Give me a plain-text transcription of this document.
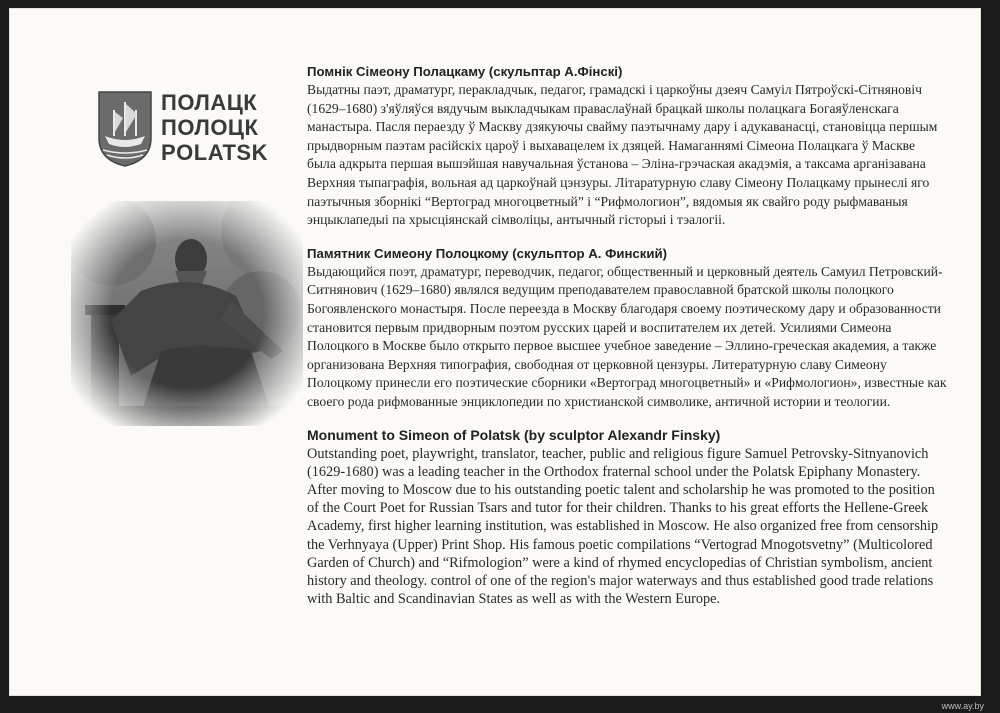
ПОЛАЦК
ПОЛОЦК
POLATSK
Помнік Сімеону Полацкаму (скульптар А.Фінскі)
Выдатны паэт, драматург, перакладчык, педагог, грамадскі і царкоўны дзеяч Самуіл Пятроўскі-Сітняновіч (1629–1680) з'яўляўся вядучым выкладчыкам праваслаўнай брацкай школы полацкага Богаяўленскага манастыра. Пасля пераезду ў Маскву дзякуючы свайму паэтычнаму дару і адукаванасці, становіцца першым прыдворным паэтам расійскіх цароў і выхавацелем іх дзяцей. Намаганнямі Сімеона Полацкага ў Маскве была адкрыта першая вышэйшая навучальная ўстанова – Эліна-грэчаская акадэмія, а таксама арганізавана Верхняя тыпаграфія, вольная ад царкоўнай цэнзуры. Літаратурную славу Сімеону Полацкаму прынеслі яго паэтычныя зборнікі “Вертоград многоцветный” і “Рифмологион”, вядомыя як свайго роду рыфмаваныя энцыклапедыі па хрысціянскай сімволіцы, антычный гісторыі і тэалогіі.
Памятник Симеону Полоцкому (скульптор А. Финский)
Выдающийся поэт, драматург, переводчик, педагог, общественный и церковный деятель Самуил Петровский-Ситнянович (1629–1680) являлся ведущим преподавателем православной братской школы полоцкого Богоявленского монастыря. После переезда в Москву благодаря своему поэтическому дару и образованности становится первым придворным поэтом русских царей и воспитателем их детей. Усилиями Симеона Полоцкого в Москве было открыто первое высшее учебное заведение – Эллино-греческая академия, а также организована Верхняя типография, свободная от церковной цензуры. Литературную славу Симеону Полоцкому принесли его поэтические сборники «Вертоград многоцветный» и «Рифмологион», известные как своего рода рифмованные энциклопедии по христианской символике, античной истории и теологии.
Monument to Simeon of Polatsk (by sculptor Alexandr Finsky)
Outstanding poet, playwright, translator, teacher, public and religious figure Samuel Petrovsky-Sitnyanovich (1629-1680) was a leading teacher in the Orthodox fraternal school under the Polatsk Epiphany Monastery. After moving to Moscow due to his outstanding poetic talent and scholarship he was promoted to the position of the Court Poet for Russian Tsars and tutor for their children. Thanks to his great efforts the Hellene-Greek Academy, first higher learning institution, was established in Moscow. He also organized free from censorship the Verhnyaya (Upper) Print Shop. His famous poetic compilations “Vertograd Mnogotsvetny” (Multicolored Garden of Church) and “Rifmologion” were a kind of rhymed encyclopedias of Christian symbolism, ancient history and theology. control of one of the region's major waterways and thus established good trade relations with Baltic and Scandinavian States as well as with the Western Europe.
www.ay.by
